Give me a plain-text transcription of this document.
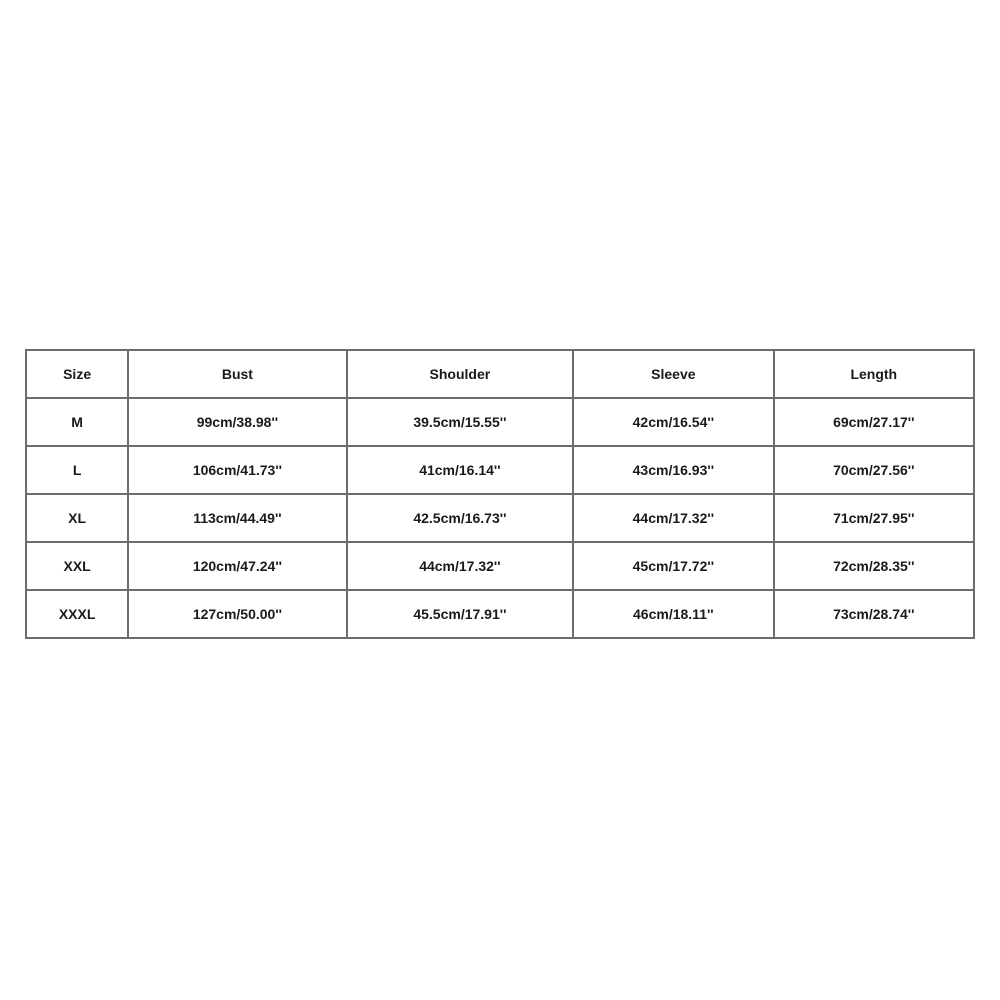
Size	Bust	Shoulder	Sleeve	Length
M	99cm/38.98''	39.5cm/15.55''	42cm/16.54''	69cm/27.17''
L	106cm/41.73''	41cm/16.14''	43cm/16.93''	70cm/27.56''
XL	113cm/44.49''	42.5cm/16.73''	44cm/17.32''	71cm/27.95''
XXL	120cm/47.24''	44cm/17.32''	45cm/17.72''	72cm/28.35''
XXXL	127cm/50.00''	45.5cm/17.91''	46cm/18.11''	73cm/28.74''
